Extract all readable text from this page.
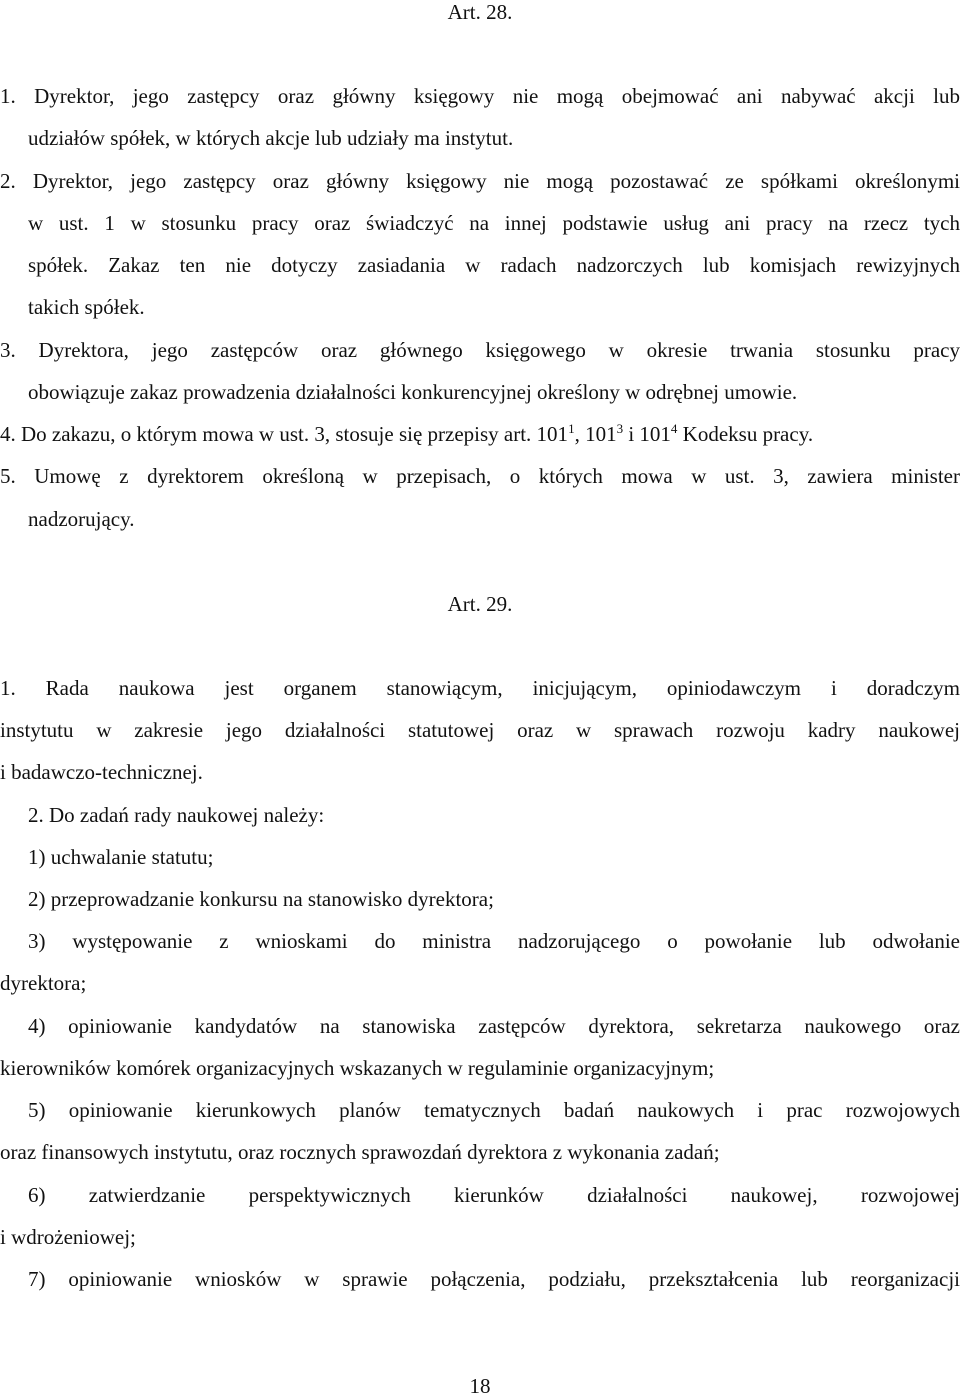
Art. 28.
1. Dyrektor, jego zastępcy oraz główny księgowy nie mogą obejmować ani nabywać akcji lub
udziałów spółek, w których akcje lub udziały ma instytut.
2. Dyrektor, jego zastępcy oraz główny księgowy nie mogą pozostawać ze spółkami określonymi
w ust. 1 w stosunku pracy oraz świadczyć na innej podstawie usług ani pracy na rzecz tych
spółek. Zakaz ten nie dotyczy zasiadania w radach nadzorczych lub komisjach rewizyjnych
takich spółek.
3. Dyrektora, jego zastępców oraz głównego księgowego w okresie trwania stosunku pracy
obowiązuje zakaz prowadzenia działalności konkurencyjnej określony w odrębnej umowie.
4. Do zakazu, o którym mowa w ust. 3, stosuje się przepisy art. $101^1$, $101^3$ i $101^4$ Kodeksu pracy.
5. Umowę z dyrektorem określoną w przepisach, o których mowa w ust. 3, zawiera minister
nadzorujący.
Art. 29.
1. Rada naukowa jest organem stanowiącym, inicjującym, opiniodawczym i doradczym
instytutu w zakresie jego działalności statutowej oraz w sprawach rozwoju kadry naukowej
i badawczo-technicznej.
2. Do zadań rady naukowej należy:
1) uchwalanie statutu;
2) przeprowadzanie konkursu na stanowisko dyrektora;
3) występowanie z wnioskami do ministra nadzorującego o powołanie lub odwołanie
dyrektora;
4) opiniowanie kandydatów na stanowiska zastępców dyrektora, sekretarza naukowego oraz
kierowników komórek organizacyjnych wskazanych w regulaminie organizacyjnym;
5) opiniowanie kierunkowych planów tematycznych badań naukowych i prac rozwojowych
oraz finansowych instytutu, oraz rocznych sprawozdań dyrektora z wykonania zadań;
6) zatwierdzanie perspektywicznych kierunków działalności naukowej, rozwojowej
i wdrożeniowej;
7) opiniowanie wniosków w sprawie połączenia, podziału, przekształcenia lub reorganizacji
18
